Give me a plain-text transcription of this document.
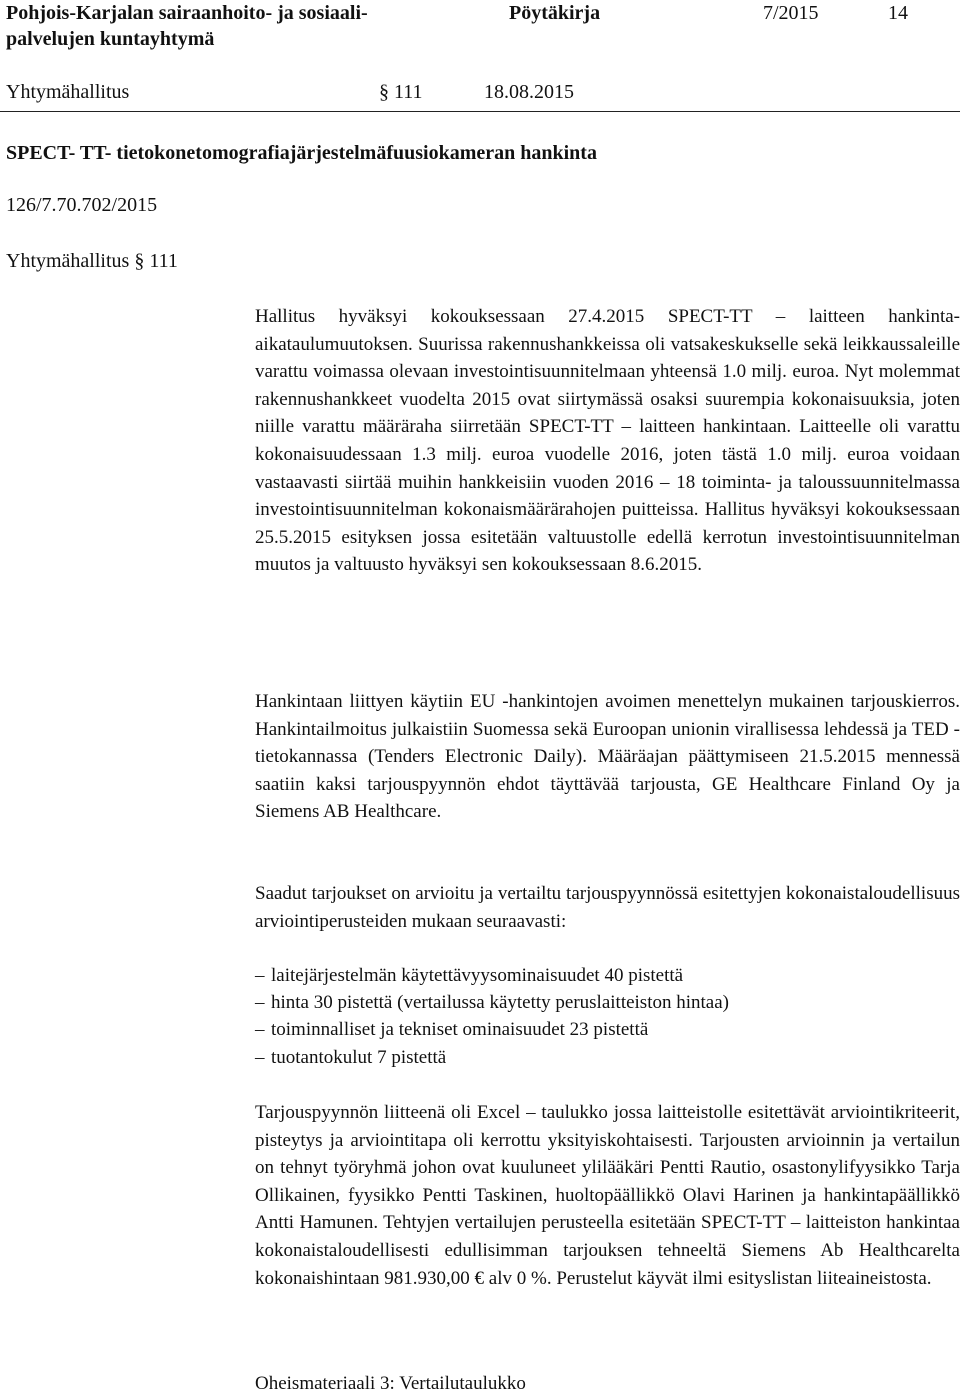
Pohjois-Karjalan sairaanhoito- ja sosiaali-
palvelujen kuntayhtymä
Pöytäkirja	7/2015	14
Yhtymähallitus	§ 111	18.08.2015
SPECT- TT- tietokonetomografiajärjestelmäfuusiokameran hankinta
126/7.70.702/2015
Yhtymähallitus § 111

Hallitus hyväksyi kokouksessaan 27.4.2015 SPECT-TT – laitteen hankinta-aikataulumuutoksen. Suurissa rakennushankkeissa oli vatsakeskukselle sekä leikkaussaleille varattu voimassa olevaan investointisuunnitelmaan yhteensä 1.0 milj. euroa. Nyt molemmat rakennushankkeet vuodelta 2015 ovat siirtymässä osaksi suurempia kokonaisuuksia, joten niille varattu määräraha siirretään SPECT-TT – laitteen hankintaan. Laitteelle oli varattu kokonaisuudessaan 1.3 milj. euroa vuodelle 2016, joten tästä 1.0 milj. euroa voidaan vastaavasti siirtää muihin hankkeisiin vuoden 2016 – 18 toiminta- ja taloussuunnitelmassa investointisuunnitelman kokonaismäärärahojen puitteissa. Hallitus hyväksyi kokouksessaan 25.5.2015 esityksen jossa esitetään valtuustolle edellä kerrotun investointisuunnitelman muutos ja valtuusto hyväksyi sen kokouksessaan 8.6.2015.

Hankintaan liittyen käytiin EU -hankintojen avoimen menettelyn mukainen tarjouskierros. Hankintailmoitus julkaistiin Suomessa sekä Euroopan unionin virallisessa lehdessä ja TED -tietokannassa (Tenders Electronic Daily). Määräajan päättymiseen 21.5.2015 mennessä saatiin kaksi tarjouspyynnön ehdot täyttävää tarjousta, GE Healthcare Finland Oy ja Siemens AB Healthcare.

Saadut tarjoukset on arvioitu ja vertailtu tarjouspyynnössä esitettyjen kokonaistaloudellisuus arviointiperusteiden mukaan seuraavasti:

– laitejärjestelmän käytettävyysominaisuudet 40 pistettä
– hinta 30 pistettä (vertailussa käytetty peruslaitteiston hintaa)
– toiminnalliset ja tekniset ominaisuudet 23 pistettä
– tuotantokulut 7 pistettä

Tarjouspyynnön liitteenä oli Excel – taulukko jossa laitteistolle esitettävät arviointikriteerit, pisteytys ja arviointitapa oli kerrottu yksityiskohtaisesti. Tarjousten arvioinnin ja vertailun on tehnyt työryhmä johon ovat kuuluneet ylilääkäri Pentti Rautio, osastonylifyysikko Tarja Ollikainen, fyysikko Pentti Taskinen, huoltopäällikkö Olavi Harinen ja hankintapäällikkö Antti Hamunen. Tehtyjen vertailujen perusteella esitetään SPECT-TT – laitteiston hankintaa kokonaistaloudellisesti edullisimman tarjouksen tehneeltä Siemens Ab Healthcarelta kokonaishintaan 981.930,00 € alv 0 %. Perustelut käyvät ilmi esityslistan liiteaineistosta.

Oheismateriaali 3: Vertailutaulukko
